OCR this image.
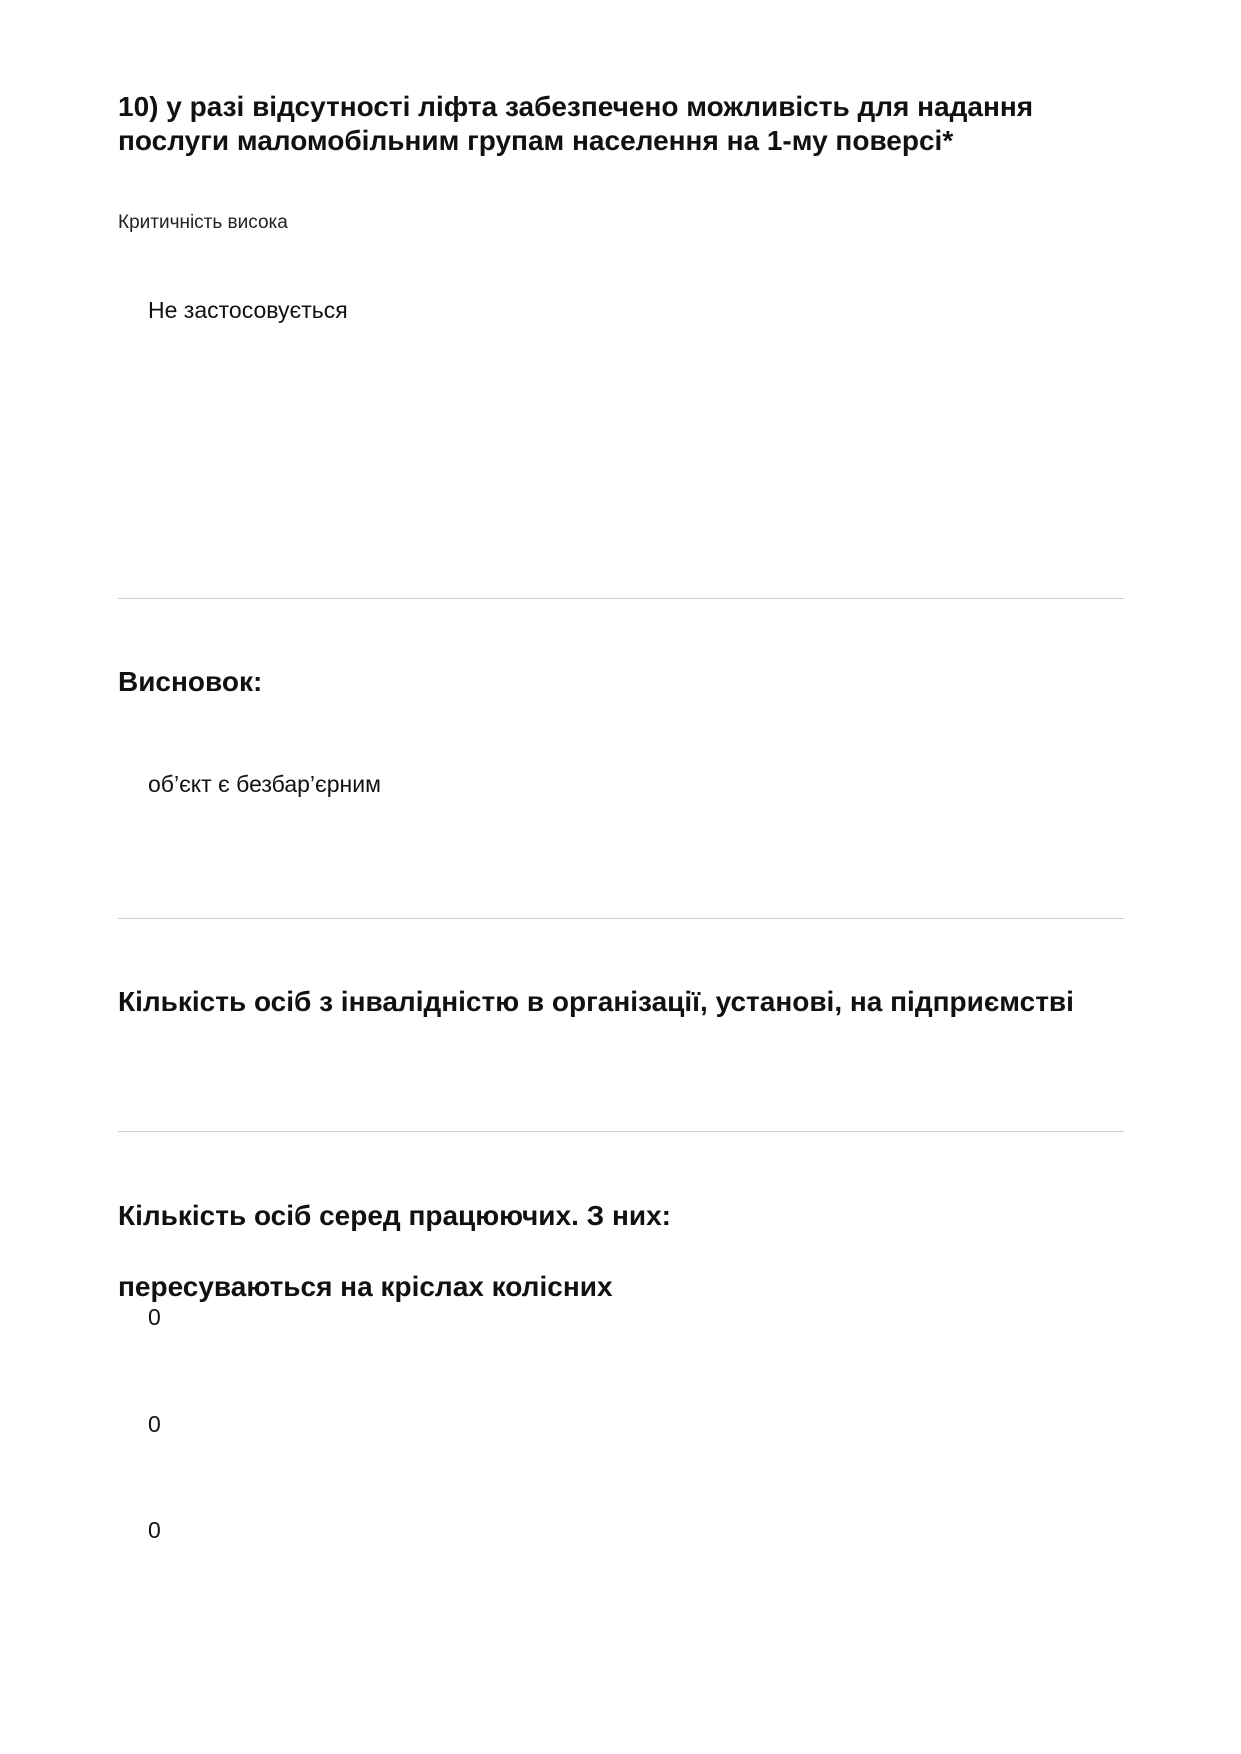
10) у разі відсутності ліфта забезпечено можливість для надання послуги маломобільним групам населення на 1-му поверсі*

Критичність висока

Не застосовується

Висновок:

об’єкт є безбар’єрним

Кількість осіб з інвалідністю в організації, установі, на підприємстві
Кількість осіб серед працюючих. З них:
пересуваються на кріслах колісних

0

0

0
